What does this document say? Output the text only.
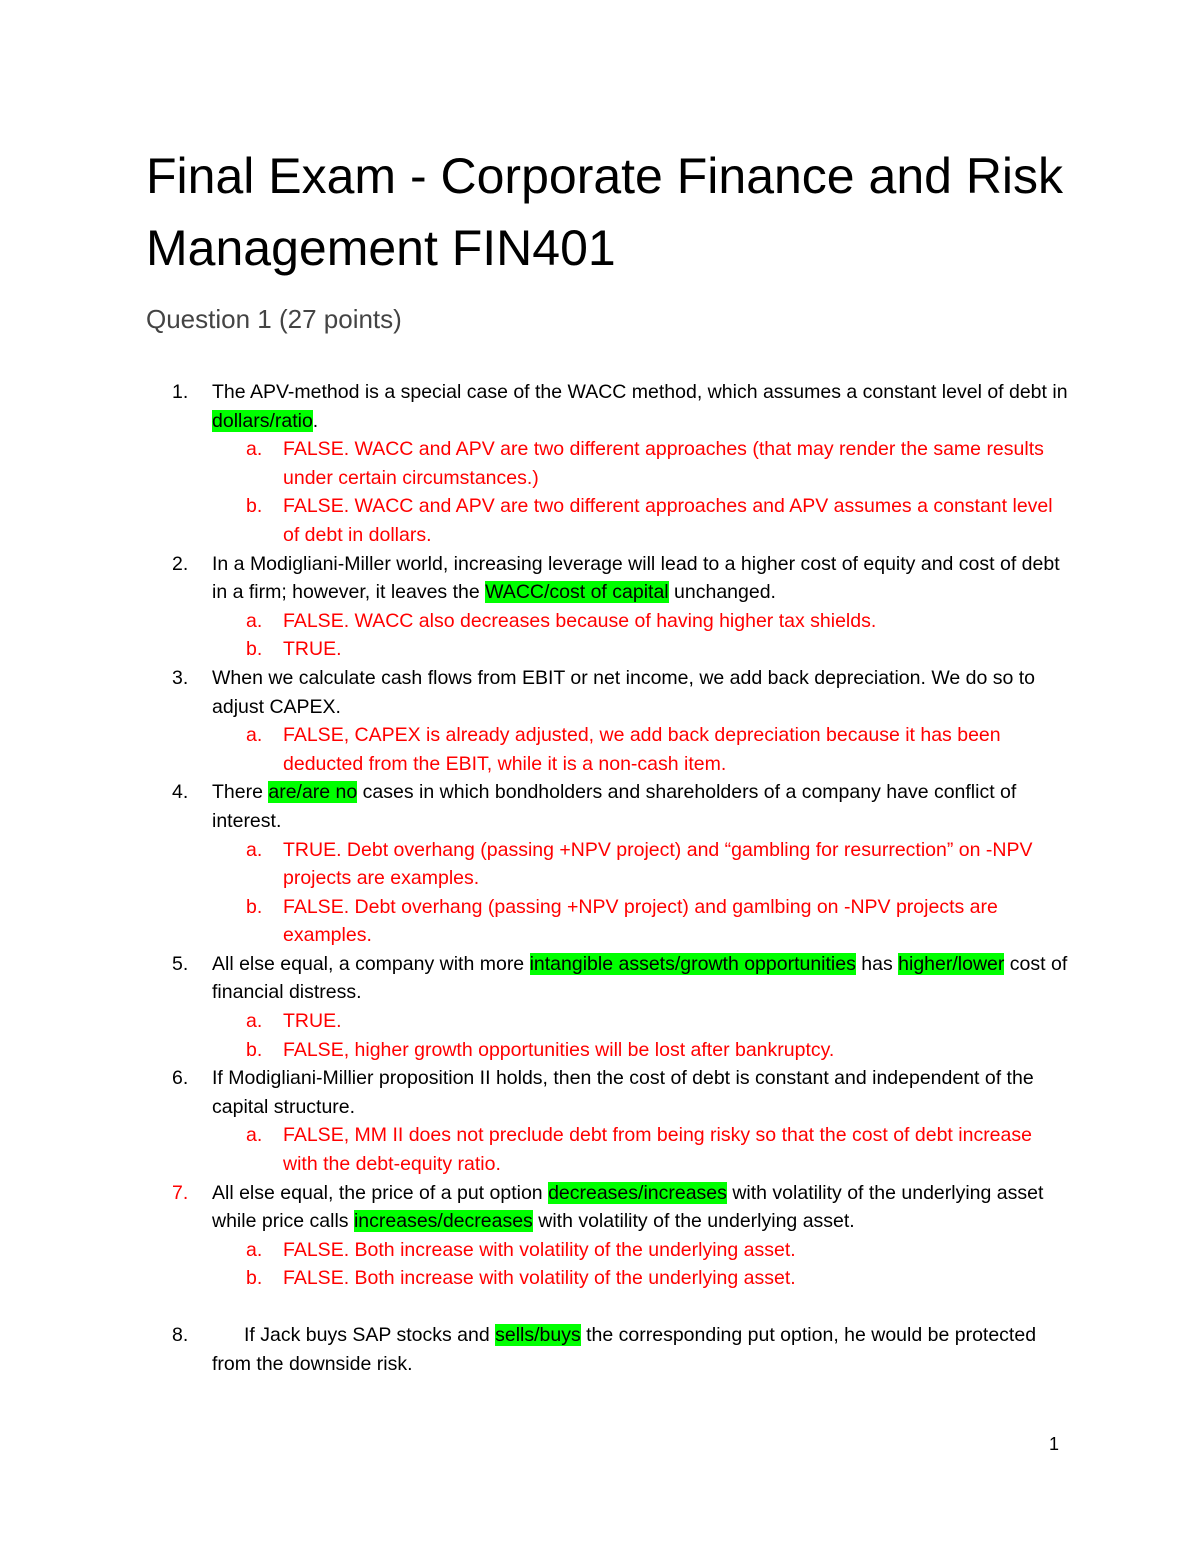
Final Exam - Corporate Finance and Risk Management FIN401
Question 1 (27 points)
1. The APV-method is a special case of the WACC method, which assumes a constant level of debt in dollars/ratio.
a. FALSE. WACC and APV are two different approaches (that may render the same results under certain circumstances.)
b. FALSE. WACC and APV are two different approaches and APV assumes a constant level of debt in dollars.
2. In a Modigliani-Miller world, increasing leverage will lead to a higher cost of equity and cost of debt in a firm; however, it leaves the WACC/cost of capital unchanged.
a. FALSE. WACC also decreases because of having higher tax shields.
b. TRUE.
3. When we calculate cash flows from EBIT or net income, we add back depreciation. We do so to adjust CAPEX.
a. FALSE, CAPEX is already adjusted, we add back depreciation because it has been deducted from the EBIT, while it is a non-cash item.
4. There are/are no cases in which bondholders and shareholders of a company have conflict of interest.
a. TRUE. Debt overhang (passing +NPV project) and “gambling for resurrection” on -NPV projects are examples.
b. FALSE. Debt overhang (passing +NPV project) and gamlbing on -NPV projects are examples.
5. All else equal, a company with more intangible assets/growth opportunities has higher/lower cost of financial distress.
a. TRUE.
b. FALSE, higher growth opportunities will be lost after bankruptcy.
6. If Modigliani-Millier proposition II holds, then the cost of debt is constant and independent of the capital structure.
a. FALSE, MM II does not preclude debt from being risky so that the cost of debt increase with the debt-equity ratio.
7. All else equal, the price of a put option decreases/increases with volatility of the underlying asset while price calls increases/decreases with volatility of the underlying asset.
a. FALSE. Both increase with volatility of the underlying asset.
b. FALSE. Both increase with volatility of the underlying asset.
8.	If Jack buys SAP stocks and sells/buys the corresponding put option, he would be protected from the downside risk.
1
